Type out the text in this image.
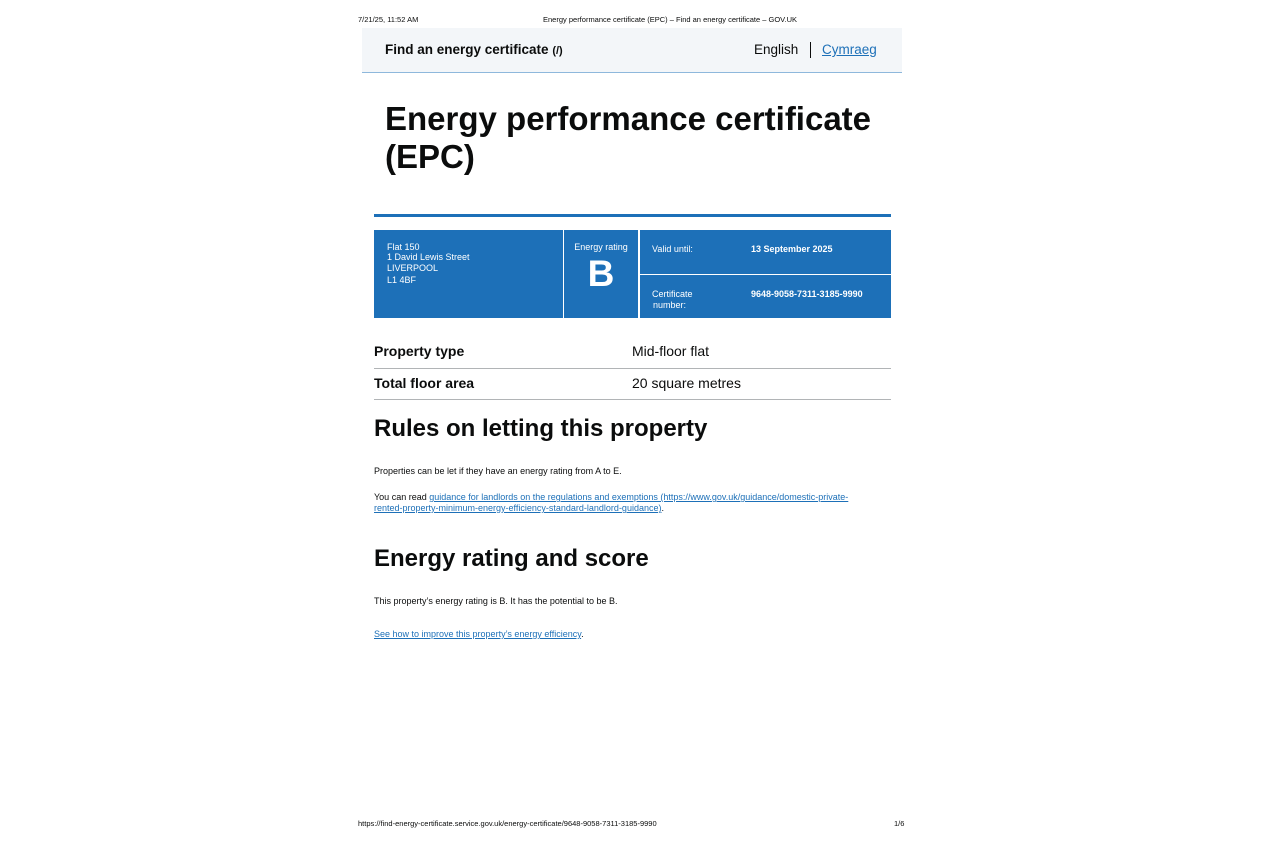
7/21/25, 11:52 AM	Energy performance certificate (EPC) – Find an energy certificate – GOV.UK
Find an energy certificate (/)	English Cymraeg
Energy performance certificate (EPC)
Flat 150
1 David Lewis Street
LIVERPOOL
L1 4BF
Energy rating
B
Valid until:	13 September 2025
Certificate
number:
9648-9058-7311-3185-9990
Property type	Mid-floor flat
Total floor area	20 square metres
Rules on letting this property
Properties can be let if they have an energy rating from A to E.
You can read guidance for landlords on the regulations and exemptions (https://www.gov.uk/guidance/domestic-private-
rented-property-minimum-energy-efficiency-standard-landlord-guidance).
Energy rating and score
This property’s energy rating is B. It has the potential to be B.
See how to improve this property’s energy efficiency.
https://find-energy-certificate.service.gov.uk/energy-certificate/9648-9058-7311-3185-9990	1/6
